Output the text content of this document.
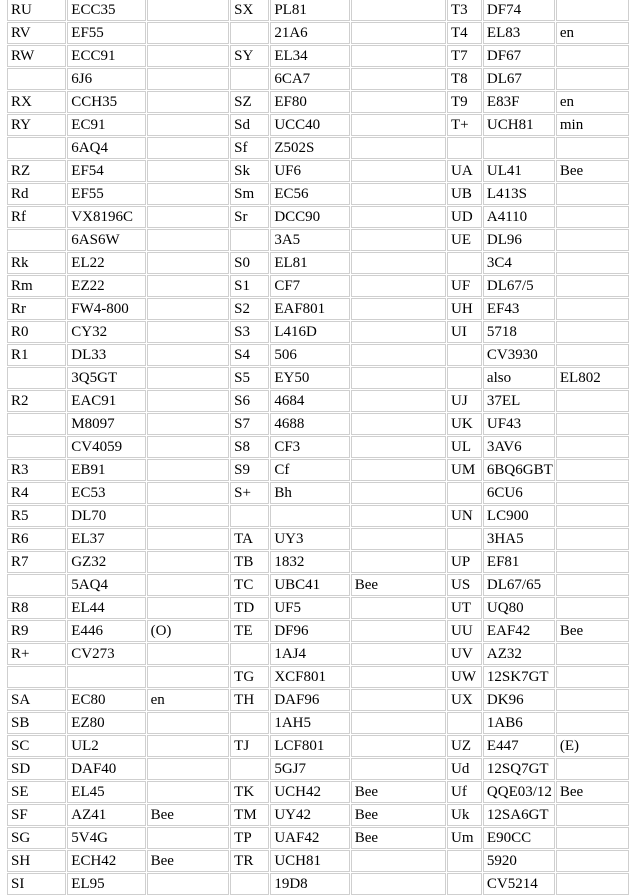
RU	ECC35		SX	PL81		T3	DF74	
RV	EF55			21A6		T4	EL83	en
RW	ECC91		SY	EL34		T7	DF67	
	6J6			6CA7		T8	DL67	
RX	CCH35		SZ	EF80		T9	E83F	en
RY	EC91		Sd	UCC40		T+	UCH81	min
	6AQ4		Sf	Z502S				
RZ	EF54		Sk	UF6		UA	UL41	Bee
Rd	EF55		Sm	EC56		UB	L413S	
Rf	VX8196C		Sr	DCC90		UD	A4110	
	6AS6W			3A5		UE	DL96	
Rk	EL22		S0	EL81			3C4	
Rm	EZ22		S1	CF7		UF	DL67/5	
Rr	FW4-800		S2	EAF801		UH	EF43	
R0	CY32		S3	L416D		UI	5718	
R1	DL33		S4	506			CV3930	
	3Q5GT		S5	EY50			also	EL802
R2	EAC91		S6	4684		UJ	37EL	
	M8097		S7	4688		UK	UF43	
	CV4059		S8	CF3		UL	3AV6	
R3	EB91		S9	Cf		UM	6BQ6GBT	
R4	EC53		S+	Bh			6CU6	
R5	DL70					UN	LC900	
R6	EL37		TA	UY3			3HA5	
R7	GZ32		TB	1832		UP	EF81	
	5AQ4		TC	UBC41	Bee	US	DL67/65	
R8	EL44		TD	UF5		UT	UQ80	
R9	E446	(O)	TE	DF96		UU	EAF42	Bee
R+	CV273			1AJ4		UV	AZ32	
			TG	XCF801		UW	12SK7GT	
SA	EC80	en	TH	DAF96		UX	DK96	
SB	EZ80			1AH5			1AB6	
SC	UL2		TJ	LCF801		UZ	E447	(E)
SD	DAF40			5GJ7		Ud	12SQ7GT	
SE	EL45		TK	UCH42	Bee	Uf	QQE03/12	Bee
SF	AZ41	Bee	TM	UY42	Bee	Uk	12SA6GT	
SG	5V4G		TP	UAF42	Bee	Um	E90CC	
SH	ECH42	Bee	TR	UCH81			5920	
SI	EL95			19D8			CV5214	
